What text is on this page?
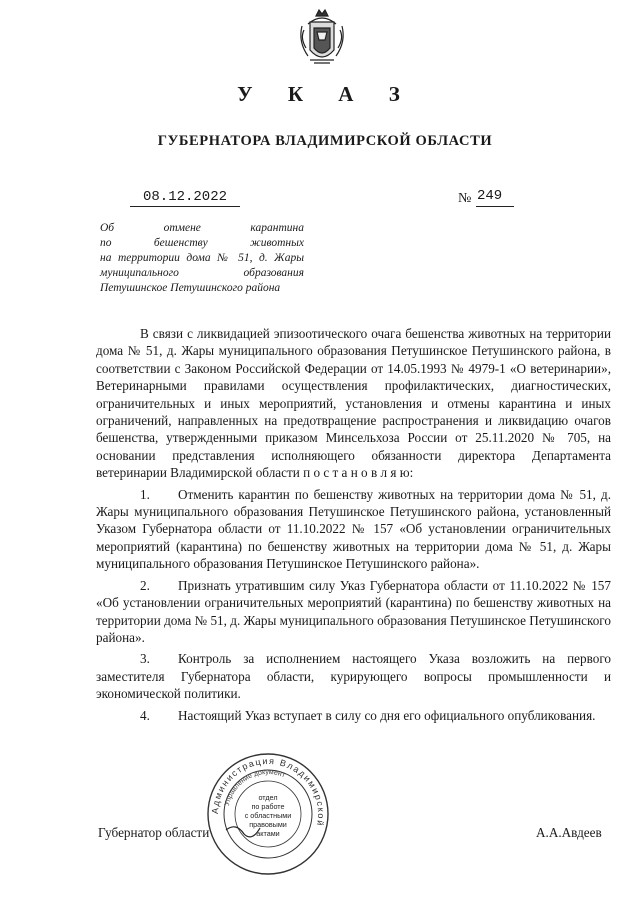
У К А З
ГУБЕРНАТОРА ВЛАДИМИРСКОЙ ОБЛАСТИ
08.12.2022	№ 249
Об отмене карантина
по бешенству животных
на территории дома № 51, д. Жары
муниципального образования
Петушинское Петушинского района

В связи с ликвидацией эпизоотического очага бешенства животных на территории дома № 51, д. Жары муниципального образования Петушинское Петушинского района, в соответствии с Законом Российской Федерации от 14.05.1993 № 4979-1 «О ветеринарии», Ветеринарными правилами осуществления профилактических, диагностических, ограничительных и иных мероприятий, установления и отмены карантина и иных ограничений, направленных на предотвращение распространения и ликвидацию очагов бешенства, утвержденными приказом Минсельхоза России от 25.11.2020 № 705, на основании представления исполняющего обязанности директора Департамента ветеринарии Владимирской области п о с т а н о в л я ю:

1. Отменить карантин по бешенству животных на территории дома № 51, д. Жары муниципального образования Петушинское Петушинского района, установленный Указом Губернатора области от 11.10.2022 № 157 «Об установлении ограничительных мероприятий (карантина) по бешенству животных на территории дома № 51, д. Жары муниципального образования Петушинское Петушинского района».

2. Признать утратившим силу Указ Губернатора области от 11.10.2022 № 157 «Об установлении ограничительных мероприятий (карантина) по бешенству животных на территории дома № 51, д. Жары муниципального образования Петушинское Петушинского района».

3. Контроль за исполнением настоящего Указа возложить на первого заместителя Губернатора области, курирующего вопросы промышленности и экономической политики.

4. Настоящий Указ вступает в силу со дня его официального опубликования.

Губернатор области	А.А.Авдеев
Администрация Владимирской
Управление документ
отдел
по работе
с областными
правовыми
актами
